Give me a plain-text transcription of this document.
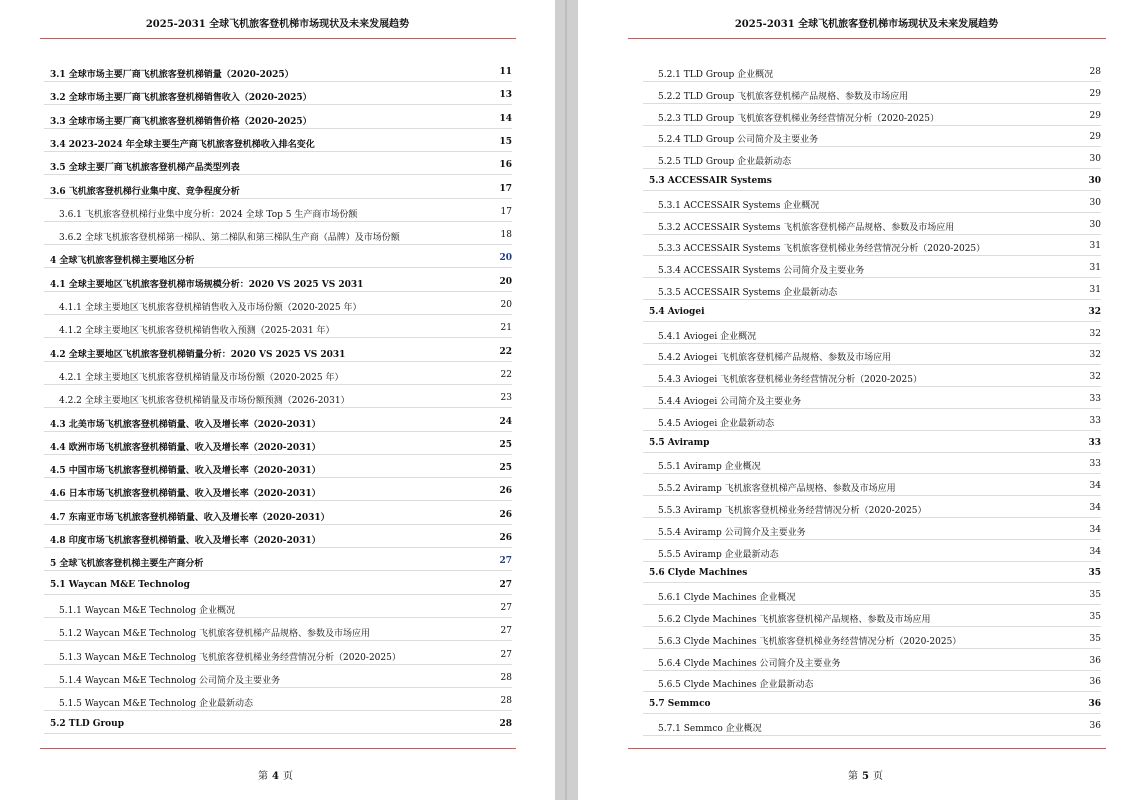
2025-2031 全球飞机旅客登机梯市场现状及未来发展趋势
3.1 全球市场主要厂商飞机旅客登机梯销量（2020-2025）	11
3.2 全球市场主要厂商飞机旅客登机梯销售收入（2020-2025）	13
3.3 全球市场主要厂商飞机旅客登机梯销售价格（2020-2025）	14
3.4 2023-2024 年全球主要生产商飞机旅客登机梯收入排名变化	15
3.5 全球主要厂商飞机旅客登机梯产品类型列表	16
3.6 飞机旅客登机梯行业集中度、竞争程度分析	17
3.6.1 飞机旅客登机梯行业集中度分析：2024 全球 Top 5 生产商市场份额	17
3.6.2 全球飞机旅客登机梯第一梯队、第二梯队和第三梯队生产商（品牌）及市场份额	18
4 全球飞机旅客登机梯主要地区分析	20
4.1 全球主要地区飞机旅客登机梯市场规模分析：2020 VS 2025 VS 2031	20
4.1.1 全球主要地区飞机旅客登机梯销售收入及市场份额（2020-2025 年）	20
4.1.2 全球主要地区飞机旅客登机梯销售收入预测（2025-2031 年）	21
4.2 全球主要地区飞机旅客登机梯销量分析：2020 VS 2025 VS 2031	22
4.2.1 全球主要地区飞机旅客登机梯销量及市场份额（2020-2025 年）	22
4.2.2 全球主要地区飞机旅客登机梯销量及市场份额预测（2026-2031）	23
4.3 北美市场飞机旅客登机梯销量、收入及增长率（2020-2031）	24
4.4 欧洲市场飞机旅客登机梯销量、收入及增长率（2020-2031）	25
4.5 中国市场飞机旅客登机梯销量、收入及增长率（2020-2031）	25
4.6 日本市场飞机旅客登机梯销量、收入及增长率（2020-2031）	26
4.7 东南亚市场飞机旅客登机梯销量、收入及增长率（2020-2031）	26
4.8 印度市场飞机旅客登机梯销量、收入及增长率（2020-2031）	26
5 全球飞机旅客登机梯主要生产商分析	27
5.1 Waycan M&E Technolog	27
5.1.1 Waycan M&E Technolog 企业概况	27
5.1.2 Waycan M&E Technolog 飞机旅客登机梯产品规格、参数及市场应用	27
5.1.3 Waycan M&E Technolog 飞机旅客登机梯业务经营情况分析（2020-2025）	27
5.1.4 Waycan M&E Technolog 公司简介及主要业务	28
5.1.5 Waycan M&E Technolog 企业最新动态	28
5.2 TLD Group	28
第 4 页
2025-2031 全球飞机旅客登机梯市场现状及未来发展趋势
5.2.1 TLD Group 企业概况	28
5.2.2 TLD Group 飞机旅客登机梯产品规格、参数及市场应用	29
5.2.3 TLD Group 飞机旅客登机梯业务经营情况分析（2020-2025）	29
5.2.4 TLD Group 公司简介及主要业务	29
5.2.5 TLD Group 企业最新动态	30
5.3 ACCESSAIR Systems	30
5.3.1 ACCESSAIR Systems 企业概况	30
5.3.2 ACCESSAIR Systems 飞机旅客登机梯产品规格、参数及市场应用	30
5.3.3 ACCESSAIR Systems 飞机旅客登机梯业务经营情况分析（2020-2025）	31
5.3.4 ACCESSAIR Systems 公司简介及主要业务	31
5.3.5 ACCESSAIR Systems 企业最新动态	31
5.4 Aviogei	32
5.4.1 Aviogei 企业概况	32
5.4.2 Aviogei 飞机旅客登机梯产品规格、参数及市场应用	32
5.4.3 Aviogei 飞机旅客登机梯业务经营情况分析（2020-2025）	32
5.4.4 Aviogei 公司简介及主要业务	33
5.4.5 Aviogei 企业最新动态	33
5.5 Aviramp	33
5.5.1 Aviramp 企业概况	33
5.5.2 Aviramp 飞机旅客登机梯产品规格、参数及市场应用	34
5.5.3 Aviramp 飞机旅客登机梯业务经营情况分析（2020-2025）	34
5.5.4 Aviramp 公司简介及主要业务	34
5.5.5 Aviramp 企业最新动态	34
5.6 Clyde Machines	35
5.6.1 Clyde Machines 企业概况	35
5.6.2 Clyde Machines 飞机旅客登机梯产品规格、参数及市场应用	35
5.6.3 Clyde Machines 飞机旅客登机梯业务经营情况分析（2020-2025）	35
5.6.4 Clyde Machines 公司简介及主要业务	36
5.6.5 Clyde Machines 企业最新动态	36
5.7 Semmco	36
5.7.1 Semmco 企业概况	36
第 5 页
